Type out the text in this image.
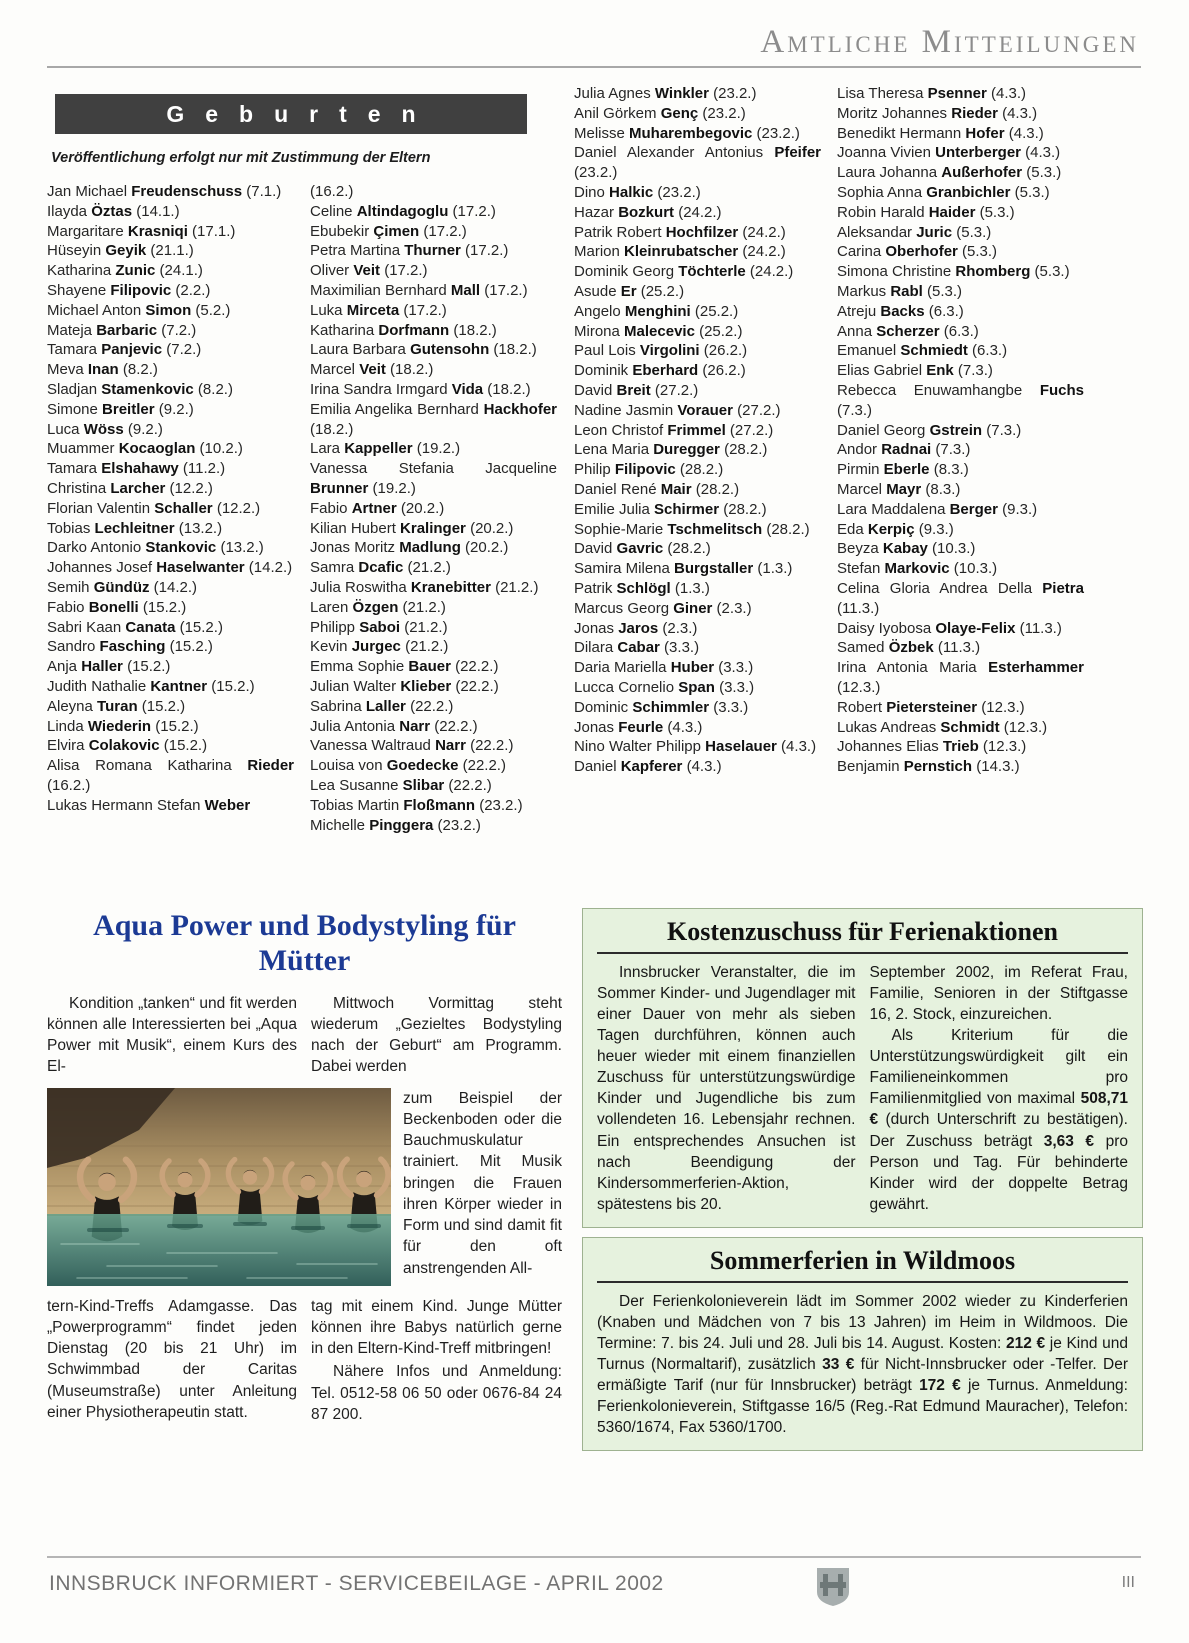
Amtliche Mitteilungen
Geburten
Veröffentlichung erfolgt nur mit Zustimmung der Eltern
Jan Michael Freudenschuss (7.1.)
Ilayda Öztas (14.1.)
Margaritare Krasniqi (17.1.)
Hüseyin Geyik (21.1.)
Katharina Zunic (24.1.)
Shayene Filipovic (2.2.)
Michael Anton Simon (5.2.)
Mateja Barbaric (7.2.)
Tamara Panjevic (7.2.)
Meva Inan (8.2.)
Sladjan Stamenkovic (8.2.)
Simone Breitler (9.2.)
Luca Wöss (9.2.)
Muammer Kocaoglan (10.2.)
Tamara Elshahawy (11.2.)
Christina Larcher (12.2.)
Florian Valentin Schaller (12.2.)
Tobias Lechleitner (13.2.)
Darko Antonio Stankovic (13.2.)
Johannes Josef Haselwanter (14.2.)
Semih Gündüz (14.2.)
Fabio Bonelli (15.2.)
Sabri Kaan Canata (15.2.)
Sandro Fasching (15.2.)
Anja Haller (15.2.)
Judith Nathalie Kantner (15.2.)
Aleyna Turan (15.2.)
Linda Wiederin (15.2.)
Elvira Colakovic (15.2.)
Alisa Romana Katharina Rieder (16.2.)
Lukas Hermann Stefan Weber
(16.2.)
Celine Altindagoglu (17.2.)
Ebubekir Çimen (17.2.)
Petra Martina Thurner (17.2.)
Oliver Veit (17.2.)
Maximilian Bernhard Mall (17.2.)
Luka Mirceta (17.2.)
Katharina Dorfmann (18.2.)
Laura Barbara Gutensohn (18.2.)
Marcel Veit (18.2.)
Irina Sandra Irmgard Vida (18.2.)
Emilia Angelika Bernhard Hackhofer (18.2.)
Lara Kappeller (19.2.)
Vanessa Stefania Jacqueline Brunner (19.2.)
Fabio Artner (20.2.)
Kilian Hubert Kralinger (20.2.)
Jonas Moritz Madlung (20.2.)
Samra Dcafic (21.2.)
Julia Roswitha Kranebitter (21.2.)
Laren Özgen (21.2.)
Philipp Saboi (21.2.)
Kevin Jurgec (21.2.)
Emma Sophie Bauer (22.2.)
Julian Walter Klieber (22.2.)
Sabrina Laller (22.2.)
Julia Antonia Narr (22.2.)
Vanessa Waltraud Narr (22.2.)
Louisa von Goedecke (22.2.)
Lea Susanne Slibar (22.2.)
Tobias Martin Floßmann (23.2.)
Michelle Pinggera (23.2.)
Julia Agnes Winkler (23.2.)
Anil Görkem Genç (23.2.)
Melisse Muharembegovic (23.2.)
Daniel Alexander Antonius Pfeifer (23.2.)
Dino Halkic (23.2.)
Hazar Bozkurt (24.2.)
Patrik Robert Hochfilzer (24.2.)
Marion Kleinrubatscher (24.2.)
Dominik Georg Töchterle (24.2.)
Asude Er (25.2.)
Angelo Menghini (25.2.)
Mirona Malecevic (25.2.)
Paul Lois Virgolini (26.2.)
Dominik Eberhard (26.2.)
David Breit (27.2.)
Nadine Jasmin Vorauer (27.2.)
Leon Christof Frimmel (27.2.)
Lena Maria Duregger (28.2.)
Philip Filipovic (28.2.)
Daniel René Mair (28.2.)
Emilie Julia Schirmer (28.2.)
Sophie-Marie Tschmelitsch (28.2.)
David Gavric (28.2.)
Samira Milena Burgstaller (1.3.)
Patrik Schlögl (1.3.)
Marcus Georg Giner (2.3.)
Jonas Jaros (2.3.)
Dilara Cabar (3.3.)
Daria Mariella Huber (3.3.)
Lucca Cornelio Span (3.3.)
Dominic Schimmler (3.3.)
Jonas Feurle (4.3.)
Nino Walter Philipp Haselauer (4.3.)
Daniel Kapferer (4.3.)
Lisa Theresa Psenner (4.3.)
Moritz Johannes Rieder (4.3.)
Benedikt Hermann Hofer (4.3.)
Joanna Vivien Unterberger (4.3.)
Laura Johanna Außerhofer (5.3.)
Sophia Anna Granbichler (5.3.)
Robin Harald Haider (5.3.)
Aleksandar Juric (5.3.)
Carina Oberhofer (5.3.)
Simona Christine Rhomberg (5.3.)
Markus Rabl (5.3.)
Atreju Backs (6.3.)
Anna Scherzer (6.3.)
Emanuel Schmiedt (6.3.)
Elias Gabriel Enk (7.3.)
Rebecca Enuwamhangbe Fuchs (7.3.)
Daniel Georg Gstrein (7.3.)
Andor Radnai (7.3.)
Pirmin Eberle (8.3.)
Marcel Mayr (8.3.)
Lara Maddalena Berger (9.3.)
Eda Kerpiç (9.3.)
Beyza Kabay (10.3.)
Stefan Markovic (10.3.)
Celina Gloria Andrea Della Pietra (11.3.)
Daisy Iyobosa Olaye-Felix (11.3.)
Samed Özbek (11.3.)
Irina Antonia Maria Esterhammer (12.3.)
Robert Pietersteiner (12.3.)
Lukas Andreas Schmidt (12.3.)
Johannes Elias Trieb (12.3.)
Benjamin Pernstich (14.3.)
Aqua Power und Bodystyling für Mütter

Kondition „tanken“ und fit werden können alle Interessierten bei „Aqua Power mit Musik“, einem Kurs des El-

Mittwoch Vormittag steht wiederum „Gezieltes Bodystyling nach der Geburt“ am Programm. Dabei werden

zum Beispiel der Beckenboden oder die Bauchmuskulatur trainiert. Mit Musik bringen die Frauen ihren Körper wieder in Form und sind damit fit für den oft anstrengenden All-

tern-Kind-Treffs Adamgasse. Das „Powerprogramm“ findet jeden Dienstag (20 bis 21 Uhr) im Schwimmbad der Caritas (Museumstraße) unter Anleitung einer Physiotherapeutin statt.

tag mit einem Kind. Junge Mütter können ihre Babys natürlich gerne in den Eltern-Kind-Treff mitbringen!

Nähere Infos und Anmeldung: Tel. 0512-58 06 50 oder 0676-84 24 87 200.

Kostenzuschuss für Ferienaktionen

Innsbrucker Veranstalter, die im Sommer Kinder- und Jugendlager mit einer Dauer von mehr als sieben Tagen durchführen, können auch heuer wieder mit einem finanziellen Zuschuss für unterstützungswürdige Kinder und Jugendliche bis zum vollendeten 16. Lebensjahr rechnen. Ein entsprechendes Ansuchen ist nach Beendigung der Kindersommerferien-Aktion, spätestens bis 20.

September 2002, im Referat Frau, Familie, Senioren in der Stiftgasse 16, 2. Stock, einzureichen.

Als Kriterium für die Unterstützungswürdigkeit gilt ein Familieneinkommen pro Familienmitglied von maximal 508,71 € (durch Unterschrift zu bestätigen). Der Zuschuss beträgt 3,63 € pro Person und Tag. Für behinderte Kinder wird der doppelte Betrag gewährt.

Sommerferien in Wildmoos

Der Ferienkolonieverein lädt im Sommer 2002 wieder zu Kinderferien (Knaben und Mädchen von 7 bis 13 Jahren) im Heim in Wildmoos. Die Termine: 7. bis 24. Juli und 28. Juli bis 14. August. Kosten: 212 € je Kind und Turnus (Normaltarif), zusätzlich 33 € für Nicht-Innsbrucker oder -Telfer. Der ermäßigte Tarif (nur für Innsbrucker) beträgt 172 € je Turnus. Anmeldung: Ferienkolonieverein, Stiftgasse 16/5 (Reg.-Rat Edmund Mauracher), Telefon: 5360/1674, Fax 5360/1700.

INNSBRUCK INFORMIERT - SERVICEBEILAGE - APRIL 2002	III
